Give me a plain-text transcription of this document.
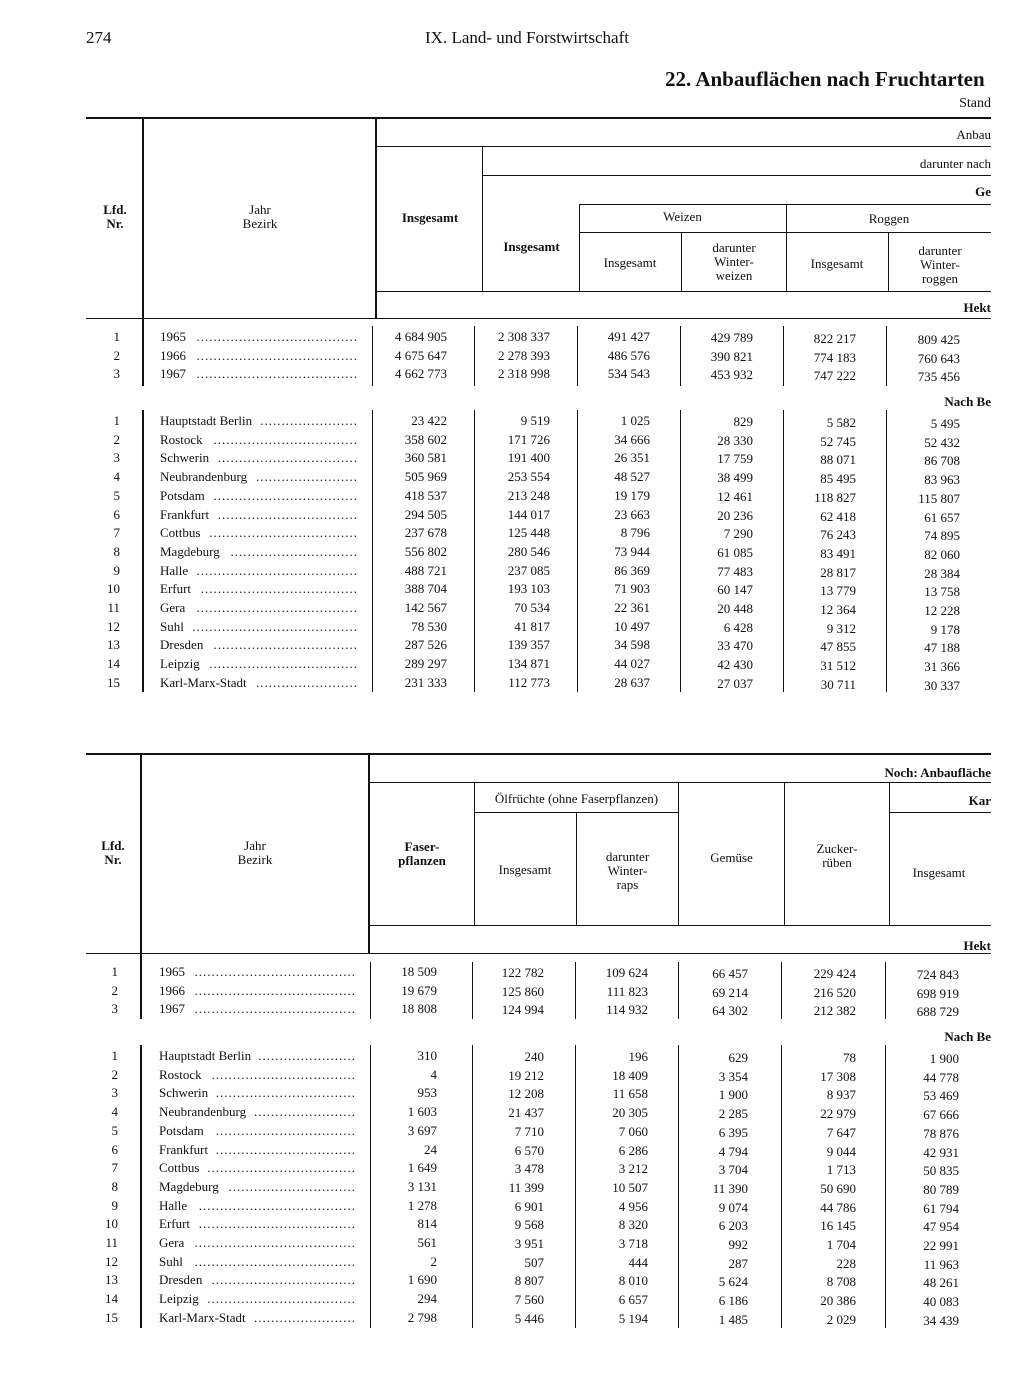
274	IX. Land- und Forstwirtschaft
22. Anbauflächen nach Fruchtarten
Stand
Lfd.
Nr.
Jahr
Bezirk
Anbau
Insgesamt
darunter nach
Ge
Insgesamt
Weizen	Roggen
Insgesamt
darunter
Winter-
weizen
Insgesamt
darunter
Winter-
roggen
Hekt
Nach Be
1	1965 ......................................	4 684 905	2 308 337	491 427	429 789	822 217	809 425
2	1966 ......................................	4 675 647	2 278 393	486 576	390 821	774 183	760 643
3	1967 ......................................	4 662 773	2 318 998	534 543	453 932	747 222	735 456
1	Hauptstadt Berlin .......................	23 422	9 519	1 025	829	5 582	5 495
2	Rostock ..................................	358 602	171 726	34 666	28 330	52 745	52 432
3	Schwerin .................................	360 581	191 400	26 351	17 759	88 071	86 708
4	Neubrandenburg ........................	505 969	253 554	48 527	38 499	85 495	83 963
5	Potsdam ..................................	418 537	213 248	19 179	12 461	118 827	115 807
6	Frankfurt .................................	294 505	144 017	23 663	20 236	62 418	61 657
7	Cottbus ...................................	237 678	125 448	8 796	7 290	76 243	74 895
8	Magdeburg ..............................	556 802	280 546	73 944	61 085	83 491	82 060
9	Halle ......................................	488 721	237 085	86 369	77 483	28 817	28 384
10	Erfurt .....................................	388 704	193 103	71 903	60 147	13 779	13 758
11	Gera ......................................	142 567	70 534	22 361	20 448	12 364	12 228
12	Suhl .......................................	78 530	41 817	10 497	6 428	9 312	9 178
13	Dresden ..................................	287 526	139 357	34 598	33 470	47 855	47 188
14	Leipzig ...................................	289 297	134 871	44 027	42 430	31 512	31 366
15	Karl-Marx-Stadt ........................	231 333	112 773	28 637	27 037	30 711	30 337
Lfd.
Nr.
Jahr
Bezirk
Noch: Anbaufläche
Faser-
pflanzen
Ölfrüchte (ohne Faserpflanzen)
Insgesamt
darunter
Winter-
raps
Gemüse
Zucker-
rüben
Kar
Insgesamt
Hekt
Nach Be
1	1965 ......................................	18 509	122 782	109 624	66 457	229 424	724 843
2	1966 ......................................	19 679	125 860	111 823	69 214	216 520	698 919
3	1967 ......................................	18 808	124 994	114 932	64 302	212 382	688 729
1	Hauptstadt Berlin .......................	310	240	196	629	78	1 900
2	Rostock ..................................	4	19 212	18 409	3 354	17 308	44 778
3	Schwerin .................................	953	12 208	11 658	1 900	8 937	53 469
4	Neubrandenburg ........................	1 603	21 437	20 305	2 285	22 979	67 666
5	Potsdam .................................	3 697	7 710	7 060	6 395	7 647	78 876
6	Frankfurt .................................	24	6 570	6 286	4 794	9 044	42 931
7	Cottbus ...................................	1 649	3 478	3 212	3 704	1 713	50 835
8	Magdeburg ..............................	3 131	11 399	10 507	11 390	50 690	80 789
9	Halle .....................................	1 278	6 901	4 956	9 074	44 786	61 794
10	Erfurt .....................................	814	9 568	8 320	6 203	16 145	47 954
11	Gera ......................................	561	3 951	3 718	992	1 704	22 991
12	Suhl ......................................	2	507	444	287	228	11 963
13	Dresden ..................................	1 690	8 807	8 010	5 624	8 708	48 261
14	Leipzig ...................................	294	7 560	6 657	6 186	20 386	40 083
15	Karl-Marx-Stadt ........................	2 798	5 446	5 194	1 485	2 029	34 439
